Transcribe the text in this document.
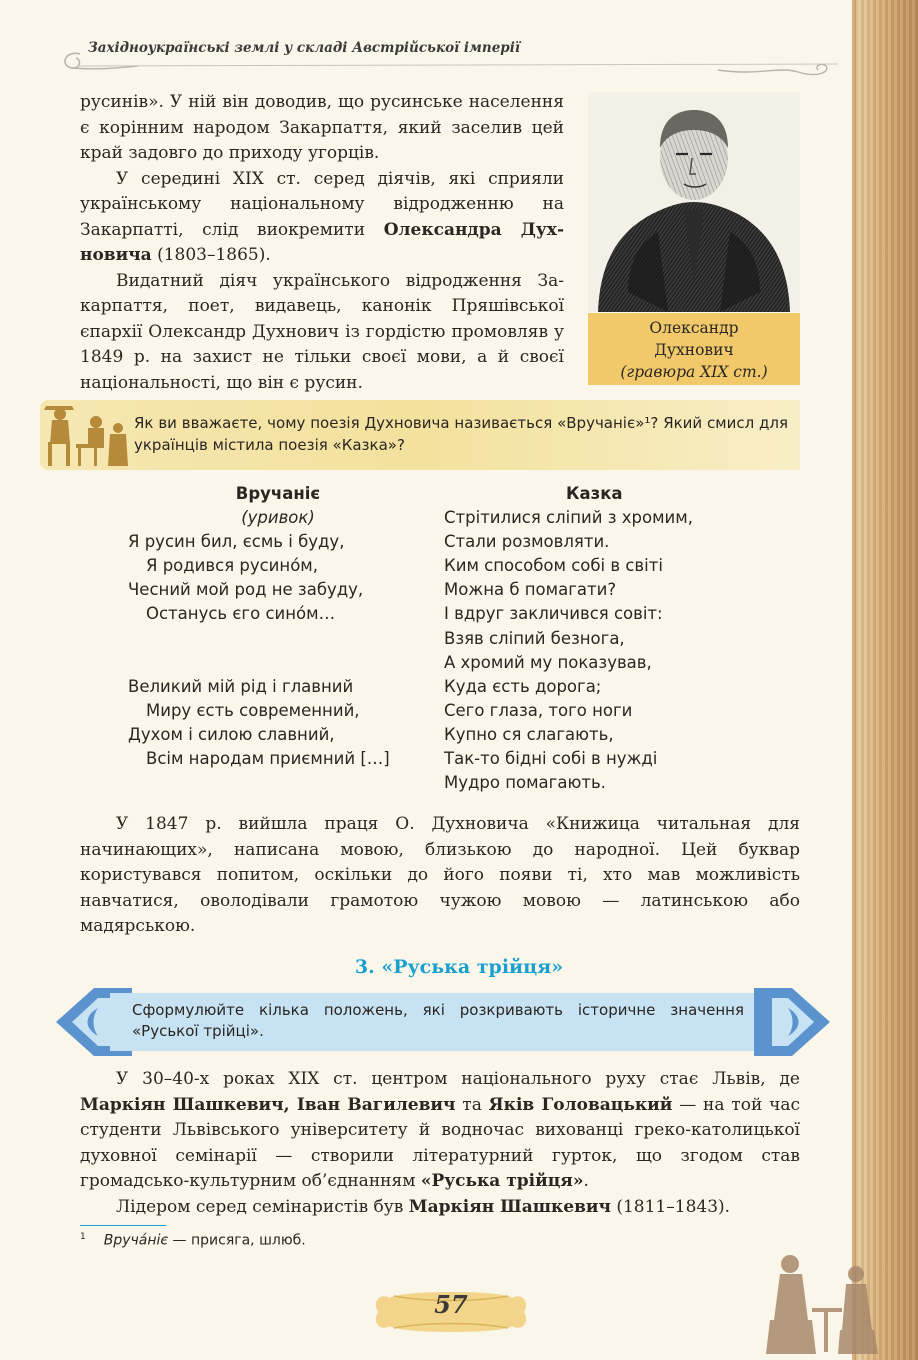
Західноукраїнські землі у складі Австрійської імперії

русинів». У ній він доводив, що русинське населення є корінним народом Закарпаття, який заселив цей край задовго до приходу угорців.

У середині XIX ст. серед діячів, які сприяли українському національному відродженню на Закарпатті, слід виокремити Олександра Духновича (1803–1865).

Видатний діяч українського відродження Закарпаття, поет, видавець, канонік Пряшівської єпархії Олександр Духнович із гордістю промовляв у 1849 р. на захист не тільки своєї мови, а й своєї національності, що він є русин.

Олександр
Духнович
(гравюра XIX ст.)
Як ви вважаєте, чому поезія Духновича називається «Вручаніє»¹? Який смисл для українців містила поезія «Казка»?
Вручаніє
(уривок)
Я русин бил, єсмь і буду,
Я родився русино́м,
Чесний мой род не забуду,
Останусь єго сино́м…
Великий мій рід і главний
Миру єсть современний,
Духом і силою славний,
Всім народам приємний […]
Казка
Стрітилися сліпий з хромим,
Стали розмовляти.
Ким способом собі в світі
Можна б помагати?
І вдруг закличився совіт:
Взяв сліпий безнога,
А хромий му показував,
Куда єсть дорога;
Сего глаза, того ноги
Купно ся слагають,
Так-то бідні собі в нужді
Мудро помагають.

У 1847 р. вийшла праця О. Духновича «Книжица читальная для начинающих», написана мовою, близькою до народної. Цей буквар користувався попитом, оскільки до його появи ті, хто мав можливість навчатися, оволодівали грамотою чужою мовою — латинською або мадярською.

3. «Руська трійця»
Сформулюйте кілька положень, які розкривають історичне значення «Руської трійці».

У 30–40-х роках XIX ст. центром національного руху стає Львів, де Маркіян Шашкевич, Іван Вагилевич та Яків Головацький — на той час студенти Львівського університету й водночас вихованці греко-католицької духовної семінарії — створили літературний гурток, що згодом став громадсько-культурним об’єднанням «Руська трійця».

Лідером серед семінаристів був Маркіян Шашкевич (1811–1843).

$^1$ Вруча́ніє — присяга, шлюб.
57
